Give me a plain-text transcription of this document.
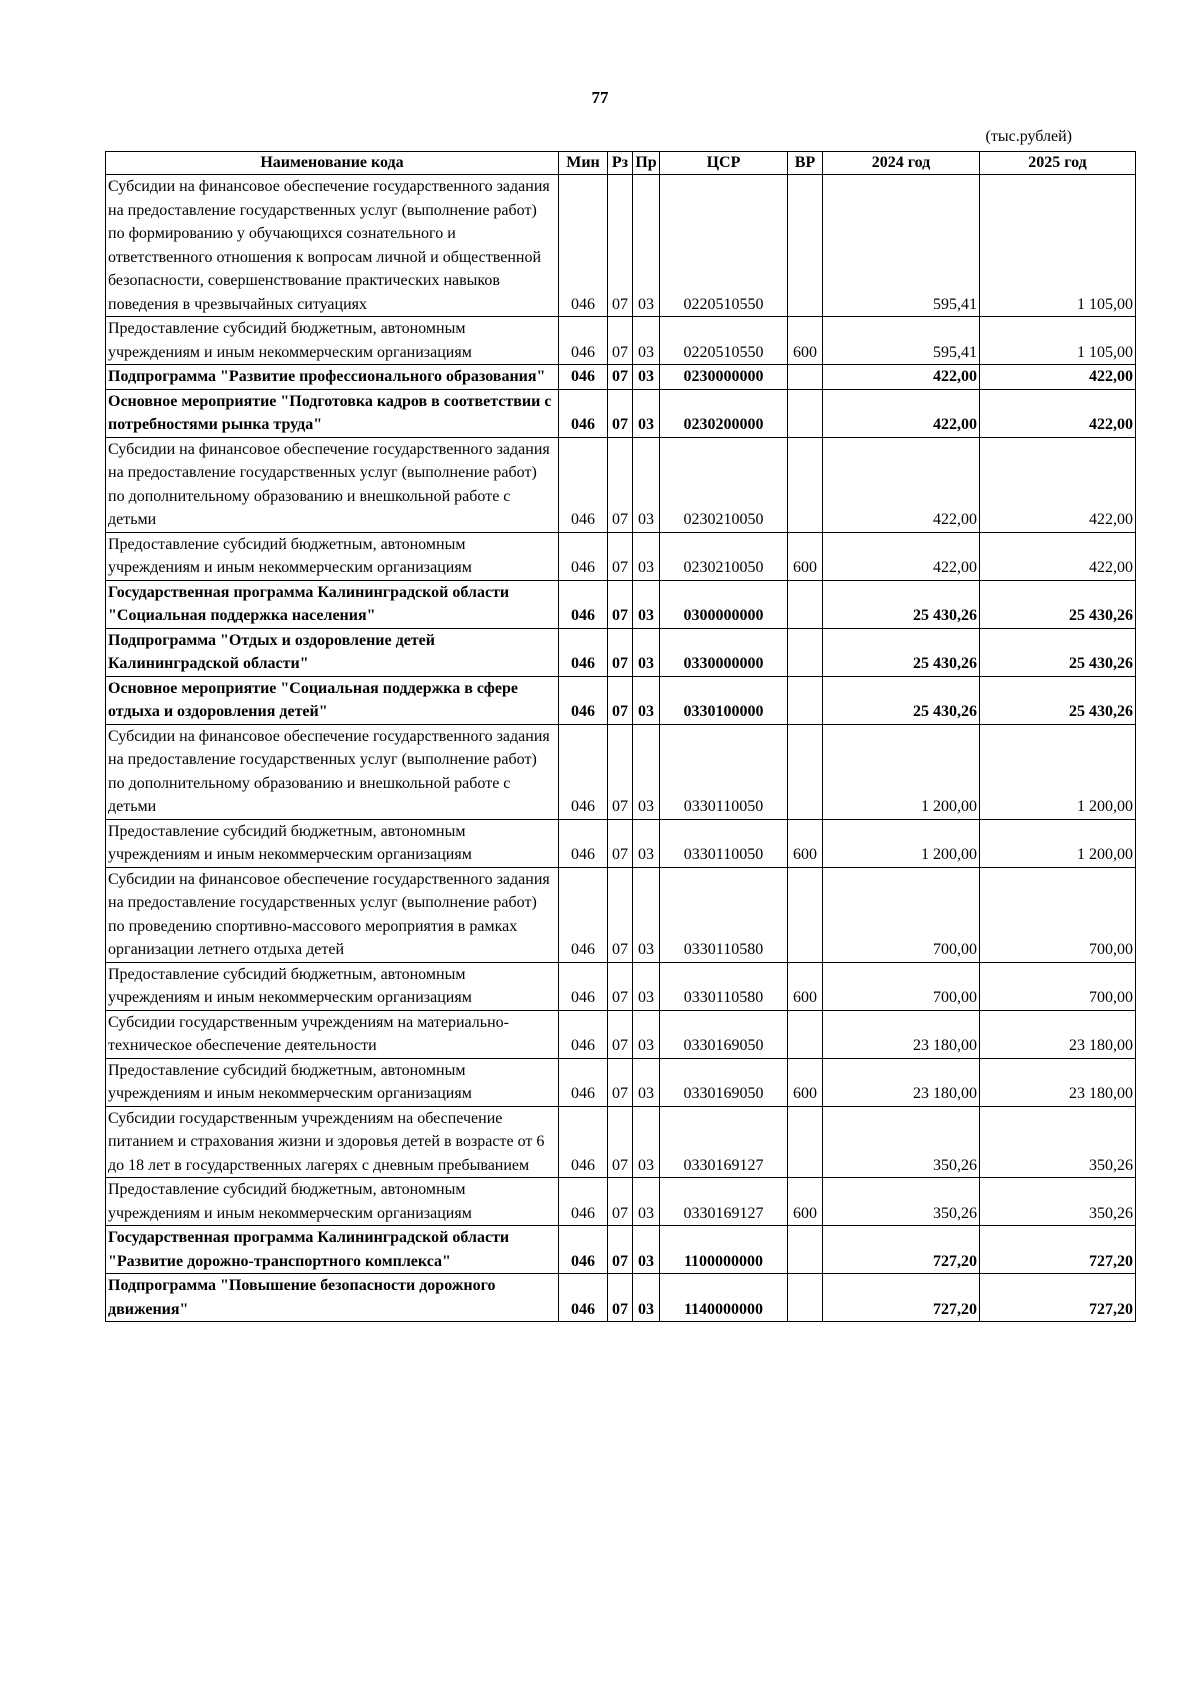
77
(тыс.рублей)
Наименование кода	Мин	Рз	Пр	ЦСР	ВР	2024 год	2025 год
Субсидии на финансовое обеспечение государственного задания на предоставление государственных услуг (выполнение работ) по формированию у обучающихся сознательного и ответственного отношения к вопросам личной и общественной безопасности, совершенствование практических навыков поведения в чрезвычайных ситуациях	046	07	03	0220510550		595,41	1 105,00
Предоставление субсидий бюджетным, автономным учреждениям и иным некоммерческим организациям	046	07	03	0220510550	600	595,41	1 105,00
Подпрограмма "Развитие профессионального образования"	046	07	03	0230000000		422,00	422,00
Основное мероприятие "Подготовка кадров в соответствии с потребностями рынка труда"	046	07	03	0230200000		422,00	422,00
Субсидии на финансовое обеспечение государственного задания на предоставление государственных услуг (выполнение работ) по дополнительному образованию и внешкольной работе с детьми	046	07	03	0230210050		422,00	422,00
Предоставление субсидий бюджетным, автономным учреждениям и иным некоммерческим организациям	046	07	03	0230210050	600	422,00	422,00
Государственная программа Калининградской области "Социальная поддержка населения"	046	07	03	0300000000		25 430,26	25 430,26
Подпрограмма "Отдых и оздоровление детей Калининградской области"	046	07	03	0330000000		25 430,26	25 430,26
Основное мероприятие "Социальная поддержка в сфере отдыха и оздоровления детей"	046	07	03	0330100000		25 430,26	25 430,26
Субсидии на финансовое обеспечение государственного задания на предоставление государственных услуг (выполнение работ) по дополнительному образованию и внешкольной работе с детьми	046	07	03	0330110050		1 200,00	1 200,00
Предоставление субсидий бюджетным, автономным учреждениям и иным некоммерческим организациям	046	07	03	0330110050	600	1 200,00	1 200,00
Субсидии на финансовое обеспечение государственного задания на предоставление государственных услуг (выполнение работ) по проведению спортивно-массового мероприятия в рамках организации летнего отдыха детей	046	07	03	0330110580		700,00	700,00
Предоставление субсидий бюджетным, автономным учреждениям и иным некоммерческим организациям	046	07	03	0330110580	600	700,00	700,00
Субсидии государственным учреждениям на материально-техническое обеспечение деятельности	046	07	03	0330169050		23 180,00	23 180,00
Предоставление субсидий бюджетным, автономным учреждениям и иным некоммерческим организациям	046	07	03	0330169050	600	23 180,00	23 180,00
Субсидии государственным учреждениям на обеспечение питанием и страхования жизни и здоровья детей в возрасте от 6 до 18 лет в государственных лагерях с дневным пребыванием	046	07	03	0330169127		350,26	350,26
Предоставление субсидий бюджетным, автономным учреждениям и иным некоммерческим организациям	046	07	03	0330169127	600	350,26	350,26
Государственная программа Калининградской области "Развитие дорожно-транспортного комплекса"	046	07	03	1100000000		727,20	727,20
Подпрограмма "Повышение безопасности дорожного движения"	046	07	03	1140000000		727,20	727,20
